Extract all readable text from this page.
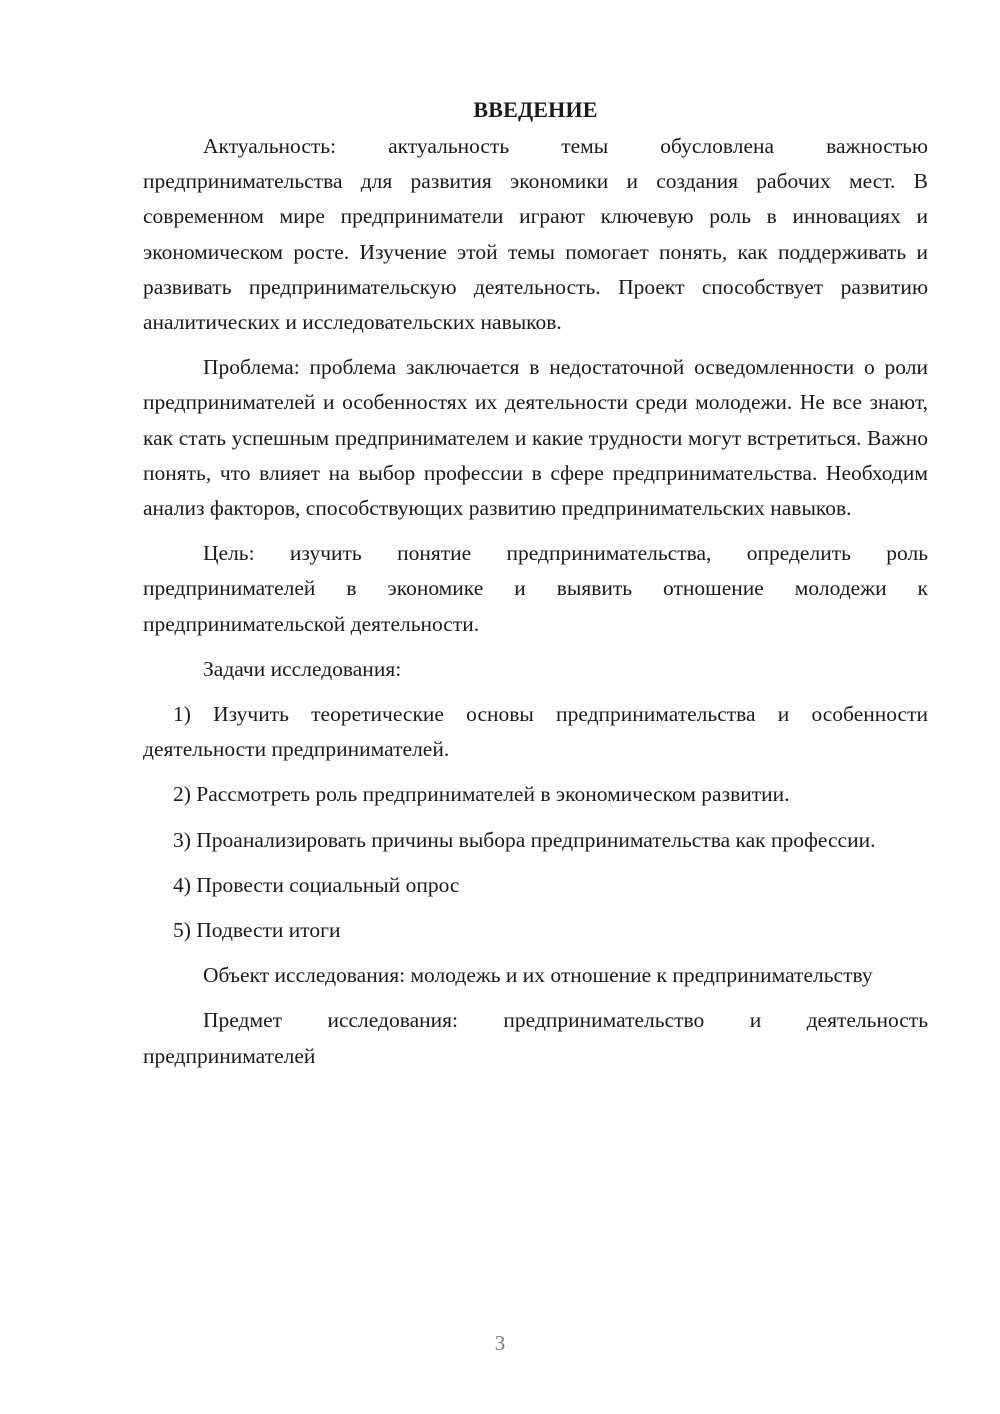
ВВЕДЕНИЕ

Актуальность: актуальность темы обусловлена важностью предпринимательства для развития экономики и создания рабочих мест. В современном мире предприниматели играют ключевую роль в инновациях и экономическом росте. Изучение этой темы помогает понять, как поддерживать и развивать предпринимательскую деятельность. Проект способствует развитию аналитических и исследовательских навыков.

Проблема: проблема заключается в недостаточной осведомленности о роли предпринимателей и особенностях их деятельности среди молодежи. Не все знают, как стать успешным предпринимателем и какие трудности могут встретиться. Важно понять, что влияет на выбор профессии в сфере предпринимательства. Необходим анализ факторов, способствующих развитию предпринимательских навыков.

Цель: изучить понятие предпринимательства, определить роль предпринимателей в экономике и выявить отношение молодежи к предпринимательской деятельности.

Задачи исследования:

1) Изучить теоретические основы предпринимательства и особенности деятельности предпринимателей.

2) Рассмотреть роль предпринимателей в экономическом развитии.

3) Проанализировать причины выбора предпринимательства как профессии.

4) Провести социальный опрос

5) Подвести итоги

Объект исследования: молодежь и их отношение к предпринимательству

Предмет исследования: предпринимательство и деятельность предпринимателей

3
